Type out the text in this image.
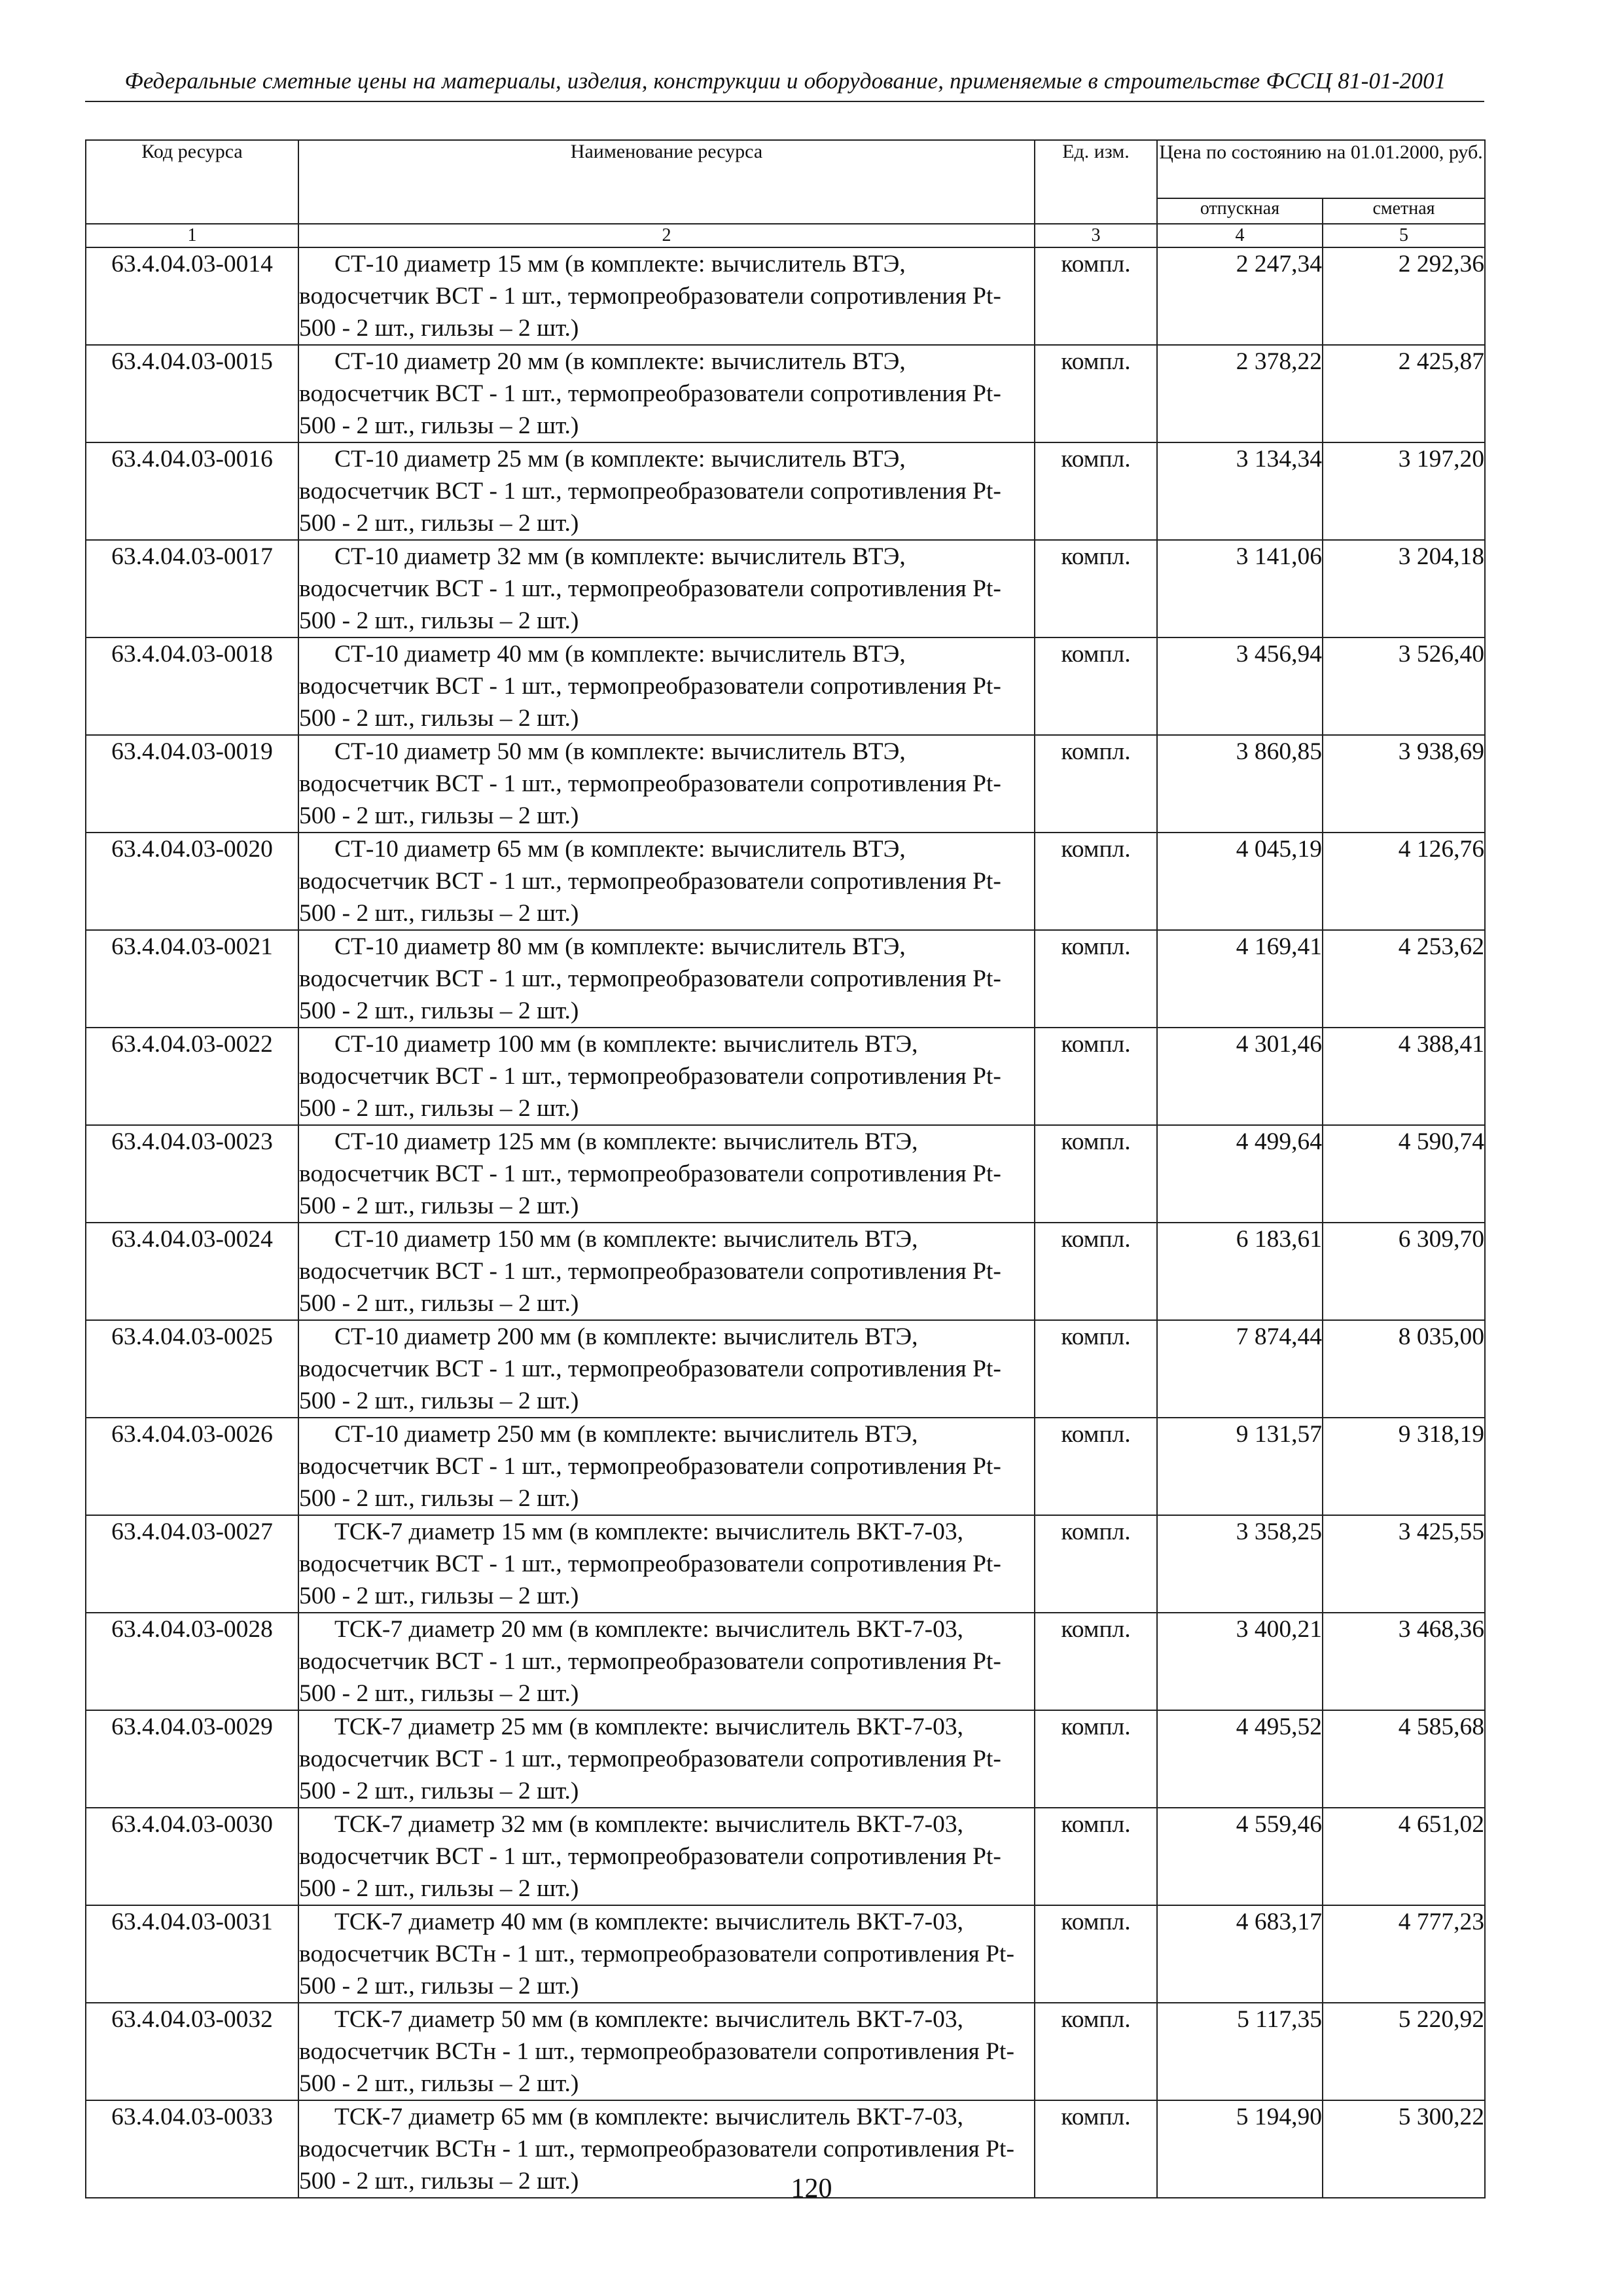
Федеральные сметные цены на материалы, изделия, конструкции и оборудование, применяемые в строительстве ФССЦ 81-01-2001
Код ресурса	Наименование ресурса	Ед. изм.	Цена по состоянию на 01.01.2000, руб.	
			отпускная	сметная
1	2	3	4	5
63.4.04.03-0014	СТ-10 диаметр 15 мм (в комплекте: вычислитель ВТЭ, водосчетчик ВСТ - 1 шт., термопреобразователи сопротивления Pt- 500 - 2 шт., гильзы – 2 шт.)	компл.	2 247,34	2 292,36
63.4.04.03-0015	СТ-10 диаметр 20 мм (в комплекте: вычислитель ВТЭ, водосчетчик ВСТ - 1 шт., термопреобразователи сопротивления Pt- 500 - 2 шт., гильзы – 2 шт.)	компл.	2 378,22	2 425,87
63.4.04.03-0016	СТ-10 диаметр 25 мм (в комплекте: вычислитель ВТЭ, водосчетчик ВСТ - 1 шт., термопреобразователи сопротивления Pt- 500 - 2 шт., гильзы – 2 шт.)	компл.	3 134,34	3 197,20
63.4.04.03-0017	СТ-10 диаметр 32 мм (в комплекте: вычислитель ВТЭ, водосчетчик ВСТ - 1 шт., термопреобразователи сопротивления Pt- 500 - 2 шт., гильзы – 2 шт.)	компл.	3 141,06	3 204,18
63.4.04.03-0018	СТ-10 диаметр 40 мм (в комплекте: вычислитель ВТЭ, водосчетчик ВСТ - 1 шт., термопреобразователи сопротивления Pt- 500 - 2 шт., гильзы – 2 шт.)	компл.	3 456,94	3 526,40
63.4.04.03-0019	СТ-10 диаметр 50 мм (в комплекте: вычислитель ВТЭ, водосчетчик ВСТ - 1 шт., термопреобразователи сопротивления Pt- 500 - 2 шт., гильзы – 2 шт.)	компл.	3 860,85	3 938,69
63.4.04.03-0020	СТ-10 диаметр 65 мм (в комплекте: вычислитель ВТЭ, водосчетчик ВСТ - 1 шт., термопреобразователи сопротивления Pt- 500 - 2 шт., гильзы – 2 шт.)	компл.	4 045,19	4 126,76
63.4.04.03-0021	СТ-10 диаметр 80 мм (в комплекте: вычислитель ВТЭ, водосчетчик ВСТ - 1 шт., термопреобразователи сопротивления Pt- 500 - 2 шт., гильзы – 2 шт.)	компл.	4 169,41	4 253,62
63.4.04.03-0022	СТ-10 диаметр 100 мм (в комплекте: вычислитель ВТЭ, водосчетчик ВСТ - 1 шт., термопреобразователи сопротивления Pt- 500 - 2 шт., гильзы – 2 шт.)	компл.	4 301,46	4 388,41
63.4.04.03-0023	СТ-10 диаметр 125 мм (в комплекте: вычислитель ВТЭ, водосчетчик ВСТ - 1 шт., термопреобразователи сопротивления Pt- 500 - 2 шт., гильзы – 2 шт.)	компл.	4 499,64	4 590,74
63.4.04.03-0024	СТ-10 диаметр 150 мм (в комплекте: вычислитель ВТЭ, водосчетчик ВСТ - 1 шт., термопреобразователи сопротивления Pt- 500 - 2 шт., гильзы – 2 шт.)	компл.	6 183,61	6 309,70
63.4.04.03-0025	СТ-10 диаметр 200 мм (в комплекте: вычислитель ВТЭ, водосчетчик ВСТ - 1 шт., термопреобразователи сопротивления Pt- 500 - 2 шт., гильзы – 2 шт.)	компл.	7 874,44	8 035,00
63.4.04.03-0026	СТ-10 диаметр 250 мм (в комплекте: вычислитель ВТЭ, водосчетчик ВСТ - 1 шт., термопреобразователи сопротивления Pt- 500 - 2 шт., гильзы – 2 шт.)	компл.	9 131,57	9 318,19
63.4.04.03-0027	ТСК-7 диаметр 15 мм (в комплекте: вычислитель ВКТ-7-03, водосчетчик ВСТ - 1 шт., термопреобразователи сопротивления Pt- 500 - 2 шт., гильзы – 2 шт.)	компл.	3 358,25	3 425,55
63.4.04.03-0028	ТСК-7 диаметр 20 мм (в комплекте: вычислитель ВКТ-7-03, водосчетчик ВСТ - 1 шт., термопреобразователи сопротивления Pt- 500 - 2 шт., гильзы – 2 шт.)	компл.	3 400,21	3 468,36
63.4.04.03-0029	ТСК-7 диаметр 25 мм (в комплекте: вычислитель ВКТ-7-03, водосчетчик ВСТ - 1 шт., термопреобразователи сопротивления Pt- 500 - 2 шт., гильзы – 2 шт.)	компл.	4 495,52	4 585,68
63.4.04.03-0030	ТСК-7 диаметр 32 мм (в комплекте: вычислитель ВКТ-7-03, водосчетчик ВСТ - 1 шт., термопреобразователи сопротивления Pt- 500 - 2 шт., гильзы – 2 шт.)	компл.	4 559,46	4 651,02
63.4.04.03-0031	ТСК-7 диаметр 40 мм (в комплекте: вычислитель ВКТ-7-03, водосчетчик ВСТн - 1 шт., термопреобразователи сопротивления Pt-500 - 2 шт., гильзы – 2 шт.)	компл.	4 683,17	4 777,23
63.4.04.03-0032	ТСК-7 диаметр 50 мм (в комплекте: вычислитель ВКТ-7-03, водосчетчик ВСТн - 1 шт., термопреобразователи сопротивления Pt-500 - 2 шт., гильзы – 2 шт.)	компл.	5 117,35	5 220,92
63.4.04.03-0033	ТСК-7 диаметр 65 мм (в комплекте: вычислитель ВКТ-7-03, водосчетчик ВСТн - 1 шт., термопреобразователи сопротивления Pt-500 - 2 шт., гильзы – 2 шт.)	компл.	5 194,90	5 300,22
120
